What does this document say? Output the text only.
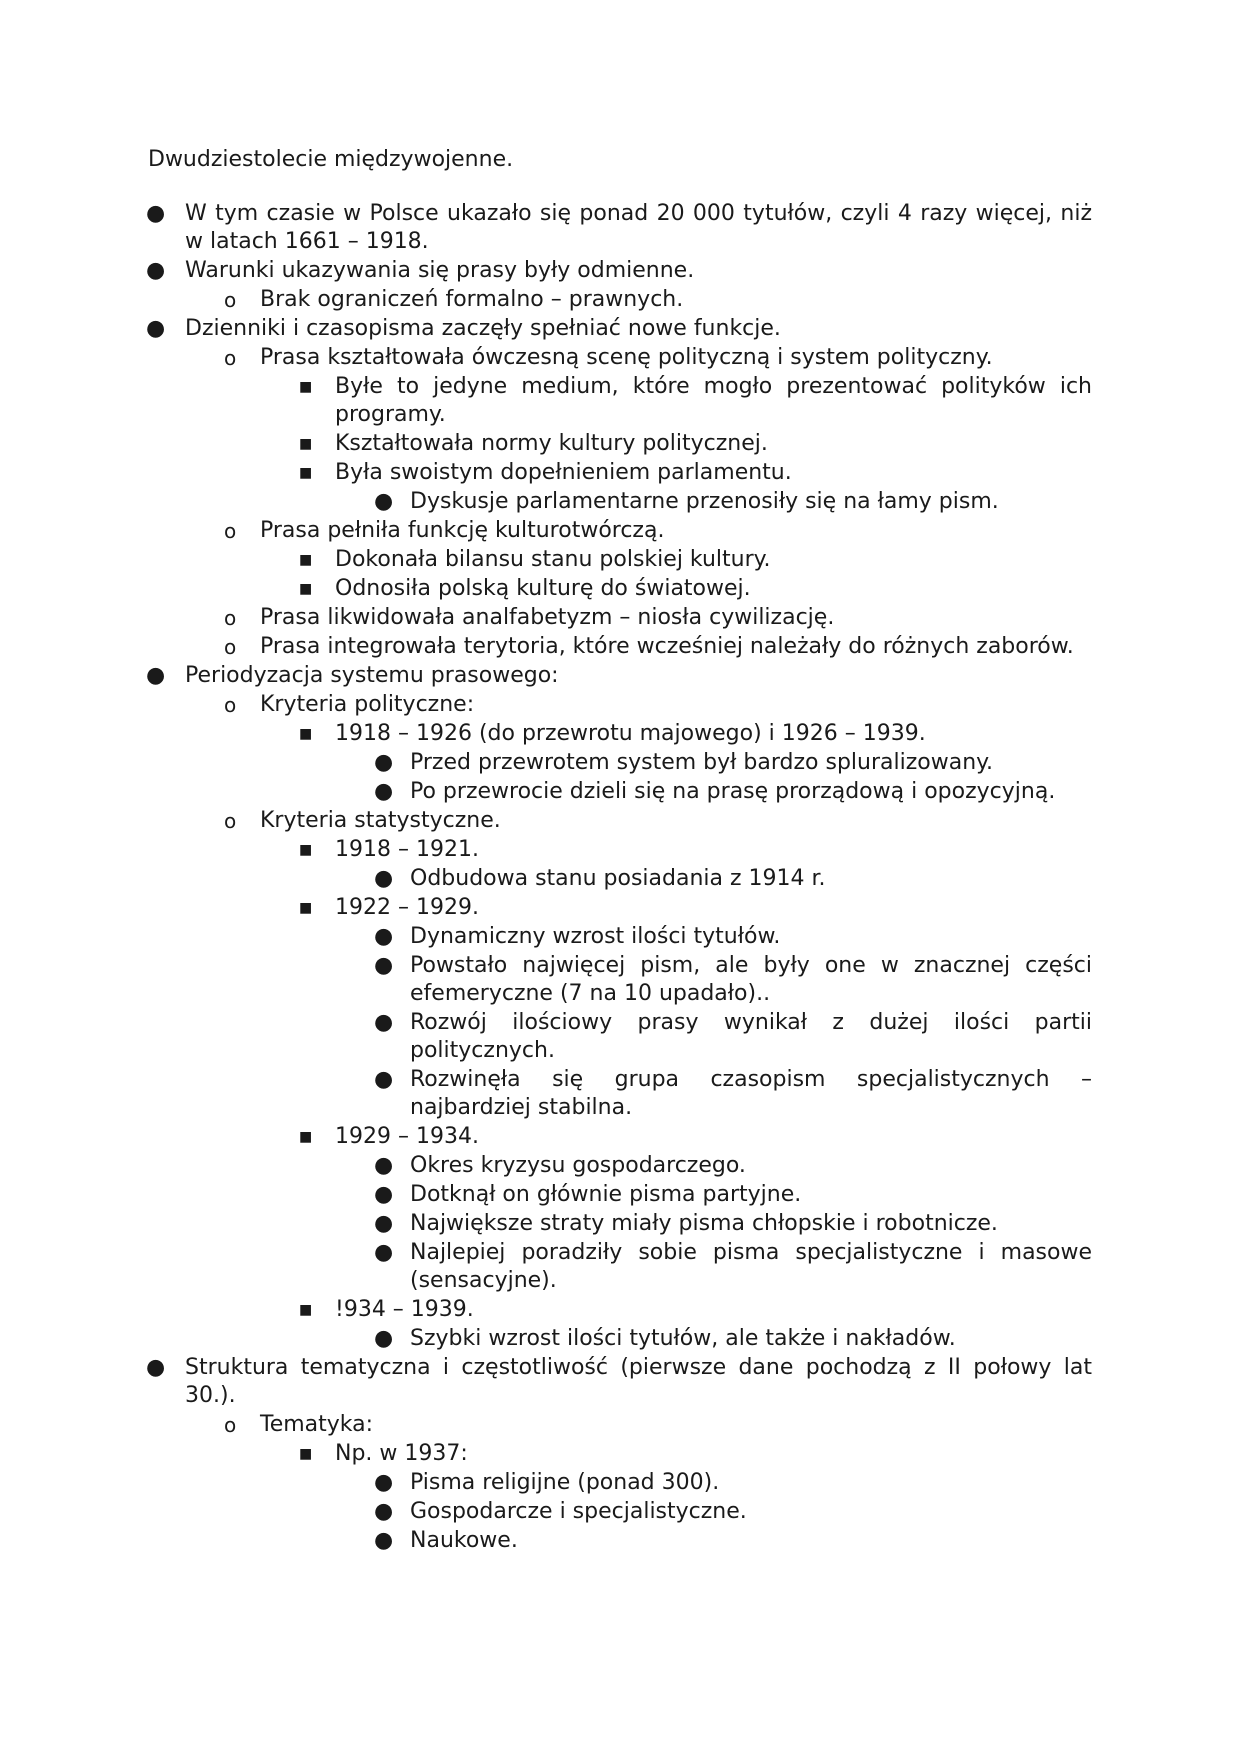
Dwudziestolecie międzywojenne.
● W tym czasie w Polsce ukazało się ponad 20 000 tytułów, czyli 4 razy więcej, niż w latach 1661 – 1918.
● Warunki ukazywania się prasy były odmienne.
o Brak ograniczeń formalno – prawnych.
● Dzienniki i czasopisma zaczęły spełniać nowe funkcje.
o Prasa kształtowała ówczesną scenę polityczną i system polityczny.
■ Byłe to jedyne medium, które mogło prezentować polityków ich programy.
■ Kształtowała normy kultury politycznej.
■ Była swoistym dopełnieniem parlamentu.
● Dyskusje parlamentarne przenosiły się na łamy pism.
o Prasa pełniła funkcję kulturotwórczą.
■ Dokonała bilansu stanu polskiej kultury.
■ Odnosiła polską kulturę do światowej.
o Prasa likwidowała analfabetyzm – niosła cywilizację.
o Prasa integrowała terytoria, które wcześniej należały do różnych zaborów.
● Periodyzacja systemu prasowego:
o Kryteria polityczne:
■ 1918 – 1926 (do przewrotu majowego) i 1926 – 1939.
● Przed przewrotem system był bardzo spluralizowany.
● Po przewrocie dzieli się na prasę prorządową i opozycyjną.
o Kryteria statystyczne.
■ 1918 – 1921.
● Odbudowa stanu posiadania z 1914 r.
■ 1922 – 1929.
● Dynamiczny wzrost ilości tytułów.
● Powstało najwięcej pism, ale były one w znacznej części efemeryczne (7 na 10 upadało)..
● Rozwój ilościowy prasy wynikał z dużej ilości partii politycznych.
● Rozwinęła się grupa czasopism specjalistycznych – najbardziej stabilna.
■ 1929 – 1934.
● Okres kryzysu gospodarczego.
● Dotknął on głównie pisma partyjne.
● Największe straty miały pisma chłopskie i robotnicze.
● Najlepiej poradziły sobie pisma specjalistyczne i masowe (sensacyjne).
■ !934 – 1939.
● Szybki wzrost ilości tytułów, ale także i nakładów.
● Struktura tematyczna i częstotliwość (pierwsze dane pochodzą z II połowy lat 30.).
o Tematyka:
■ Np. w 1937:
● Pisma religijne (ponad 300).
● Gospodarcze i specjalistyczne.
● Naukowe.
